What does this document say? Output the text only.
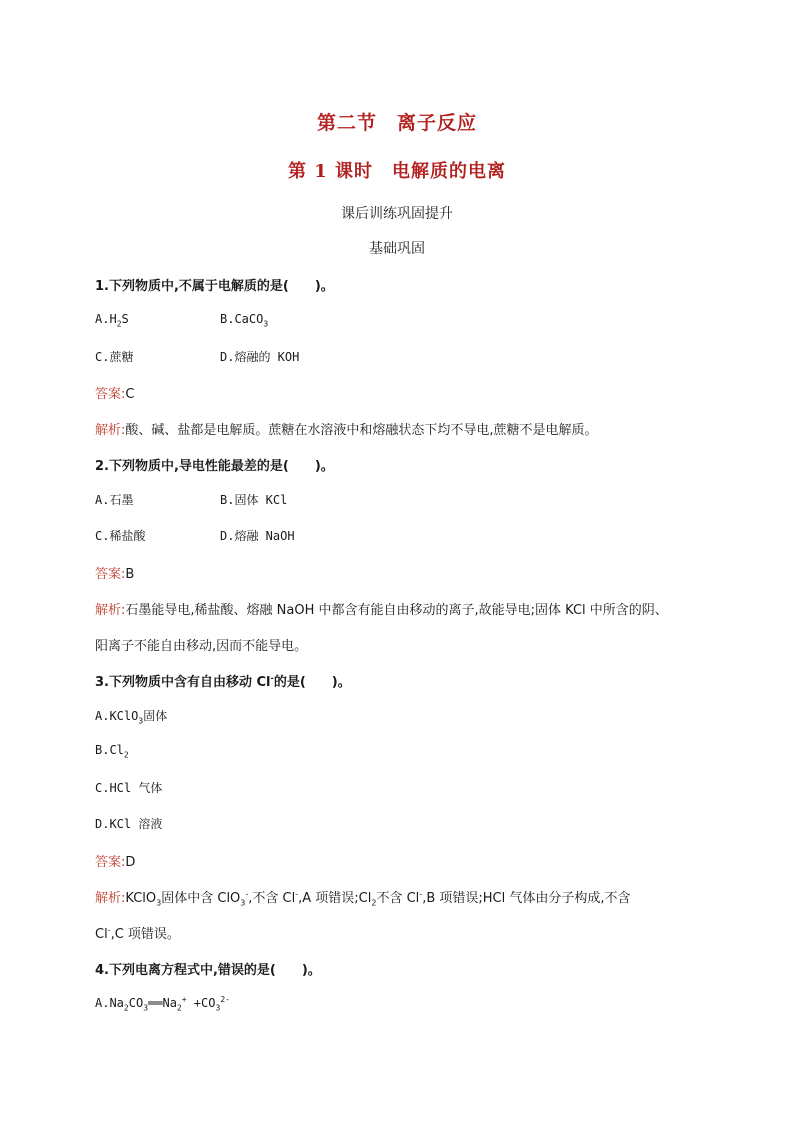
第二节　离子反应
第 1 课时　电解质的电离
课后训练巩固提升
基础巩固
1.下列物质中,不属于电解质的是(　　)。
$A.H_2S$	B.CaCO$_3$
C.蔗糖	D.熔融的 KOH
答案:C
解析:酸、碱、盐都是电解质。蔗糖在水溶液中和熔融状态下均不导电,蔗糖不是电解质。
2.下列物质中,导电性能最差的是(　　)。
A.石墨	B.固体 KCl
C.稀盐酸	D.熔融 NaOH
答案:B
解析:石墨能导电,稀盐酸、熔融 NaOH 中都含有能自由移动的离子,故能导电;固体 KCl 中所含的阴、
阳离子不能自由移动,因而不能导电。
3.下列物质中含有自由移动 Cl-的是(　　)。
A.KClO$_3$固体
$B.Cl_2$
C.HCl 气体
D.KCl 溶液
答案:D
解析:KClO$_3$固体中含 ClO$_3$-,不含 Cl-,A 项错误$;Cl_2$不含 Cl-,B 项错误;HCl 气体由分子构成,不含
Cl-,C 项错误。
4.下列电离方程式中,错误的是(　　)。
$A.Na_2CO_3══Na_2^+ +CO_3^{2-}$
